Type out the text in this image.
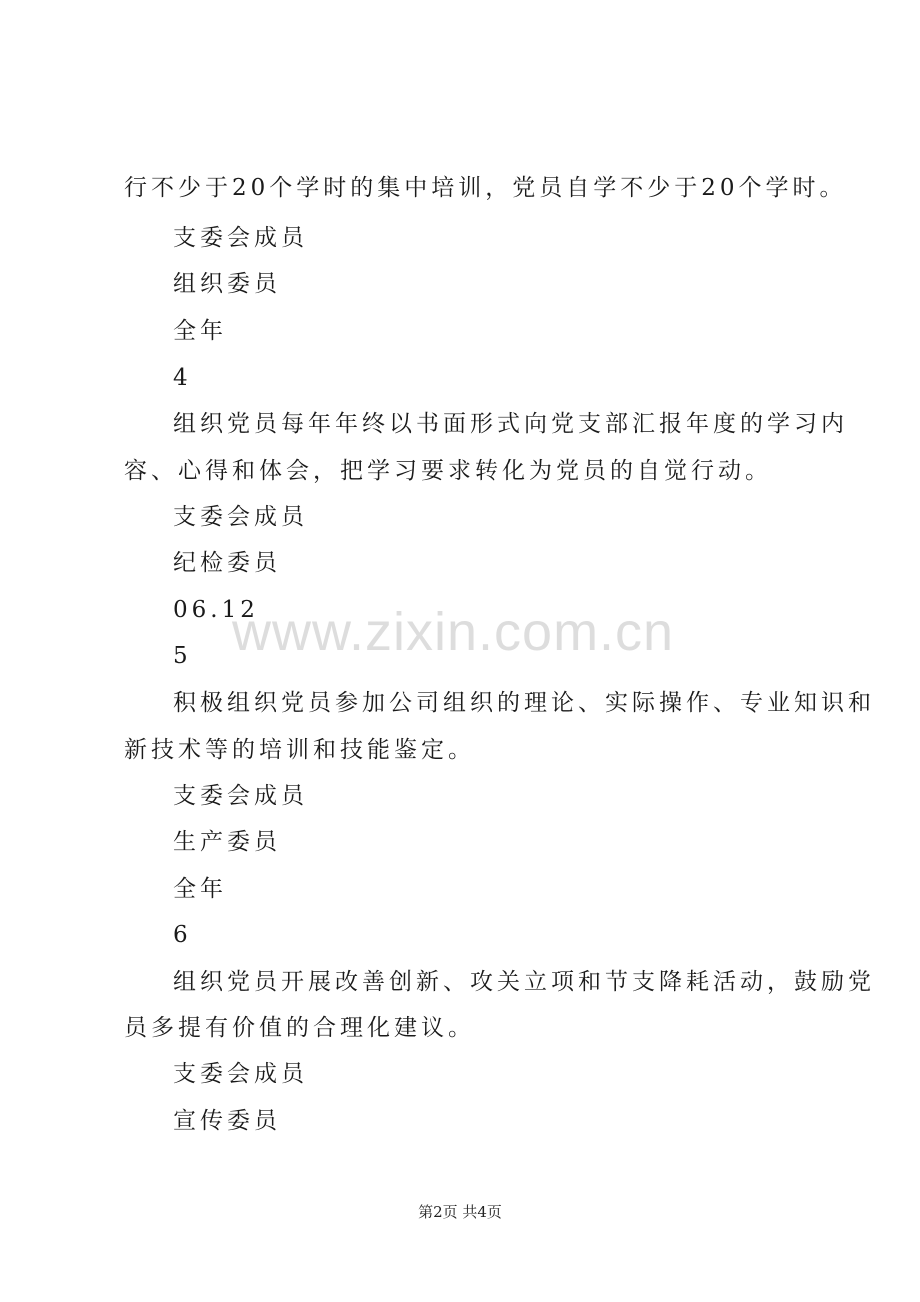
行不少于20个学时的集中培训，党员自学不少于20个学时。
支委会成员
组织委员
全年
4
组织党员每年年终以书面形式向党支部汇报年度的学习内
容、心得和体会，把学习要求转化为党员的自觉行动。
支委会成员
纪检委员
06.12
5
积极组织党员参加公司组织的理论、实际操作、专业知识和
新技术等的培训和技能鉴定。
支委会成员
生产委员
全年
6
组织党员开展改善创新、攻关立项和节支降耗活动，鼓励党
员多提有价值的合理化建议。
支委会成员
宣传委员
www.zixin.com.cn
第2页 共4页
